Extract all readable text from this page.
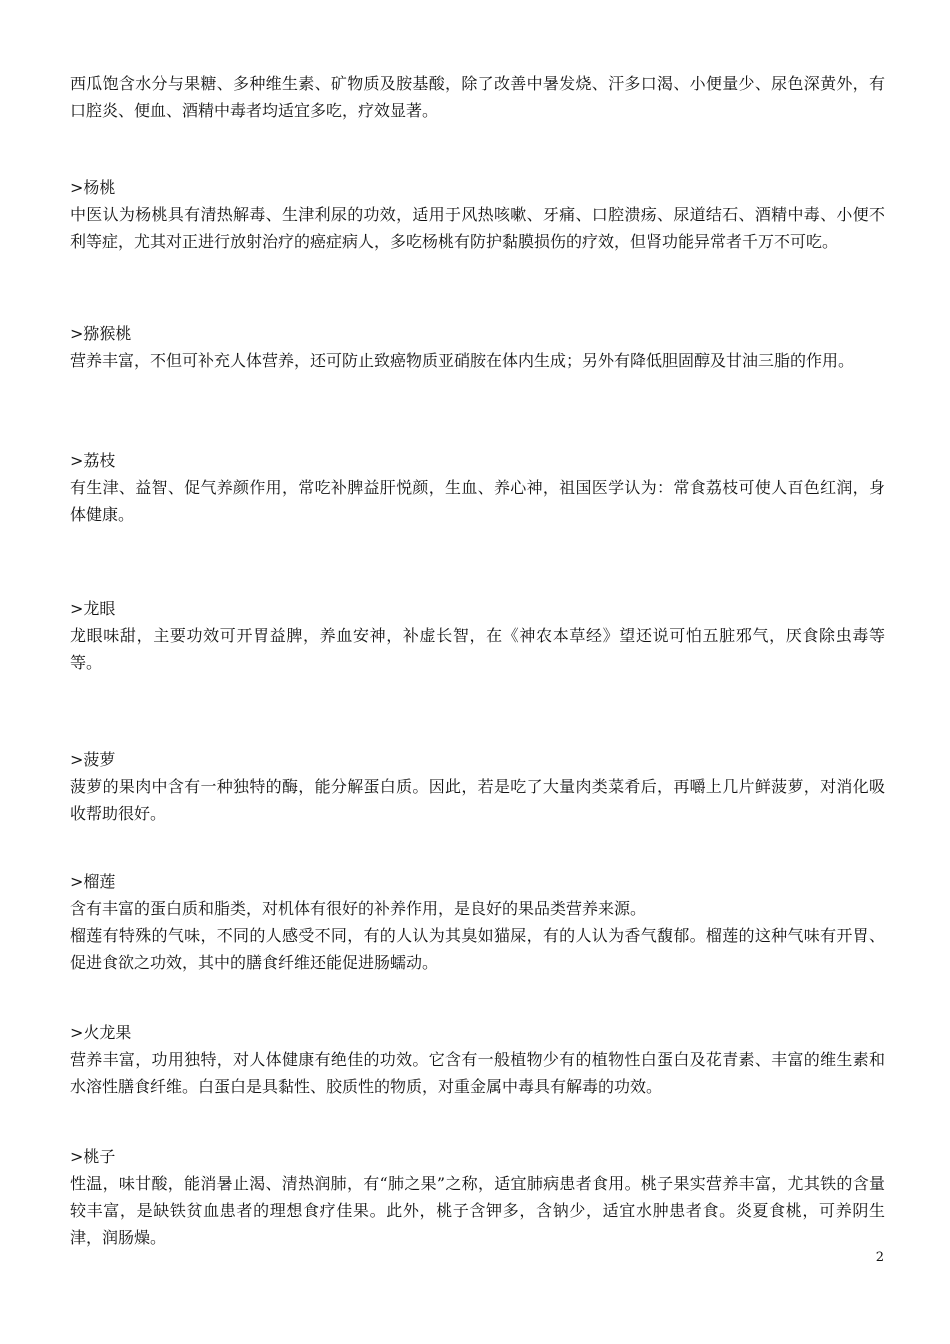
西瓜饱含水分与果糖、多种维生素、矿物质及胺基酸，除了改善中暑发烧、汗多口渴、小便量少、尿色深黄外，有口腔炎、便血、酒精中毒者均适宜多吃，疗效显著。

>杨桃

中医认为杨桃具有清热解毒、生津利尿的功效，适用于风热咳嗽、牙痛、口腔溃疡、尿道结石、酒精中毒、小便不利等症，尤其对正进行放射治疗的癌症病人，多吃杨桃有防护黏膜损伤的疗效，但肾功能异常者千万不可吃。

>猕猴桃

营养丰富，不但可补充人体营养，还可防止致癌物质亚硝胺在体内生成；另外有降低胆固醇及甘油三脂的作用。

>荔枝

有生津、益智、促气养颜作用，常吃补脾益肝悦颜，生血、养心神，祖国医学认为：常食荔枝可使人百色红润，身体健康。

>龙眼

龙眼味甜，主要功效可开胃益脾，养血安神，补虚长智，在《神农本草经》望还说可怕五脏邪气，厌食除虫毒等等。

>菠萝

菠萝的果肉中含有一种独特的酶，能分解蛋白质。因此，若是吃了大量肉类菜肴后，再嚼上几片鲜菠萝，对消化吸收帮助很好。

>榴莲

含有丰富的蛋白质和脂类，对机体有很好的补养作用，是良好的果品类营养来源。

榴莲有特殊的气味，不同的人感受不同，有的人认为其臭如猫屎，有的人认为香气馥郁。榴莲的这种气味有开胃、促进食欲之功效，其中的膳食纤维还能促进肠蠕动。

>火龙果

营养丰富，功用独特，对人体健康有绝佳的功效。它含有一般植物少有的植物性白蛋白及花青素、丰富的维生素和水溶性膳食纤维。白蛋白是具黏性、胶质性的物质，对重金属中毒具有解毒的功效。

>桃子

性温，味甘酸，能消暑止渴、清热润肺，有“肺之果”之称，适宜肺病患者食用。桃子果实营养丰富，尤其铁的含量较丰富，是缺铁贫血患者的理想食疗佳果。此外，桃子含钾多，含钠少，适宜水肿患者食。炎夏食桃，可养阴生津，润肠燥。

2
